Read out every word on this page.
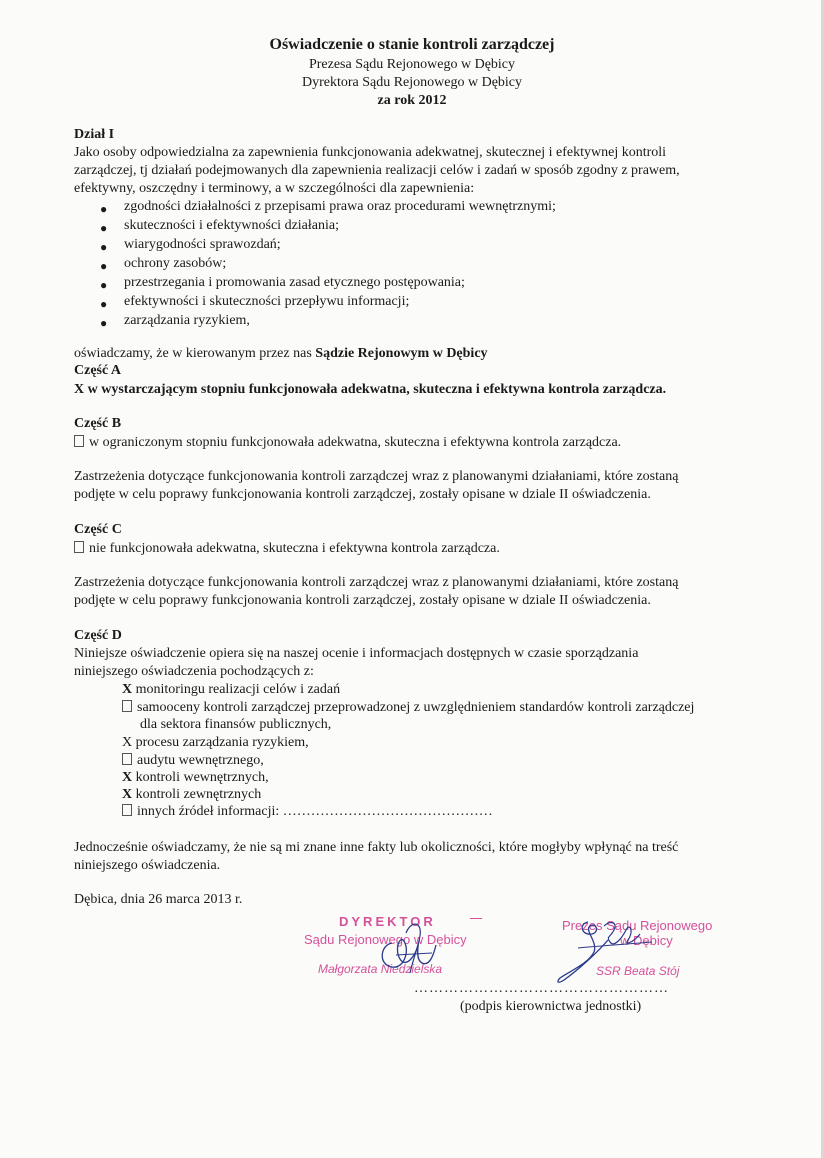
Oświadczenie o stanie kontroli zarządczej
Prezesa Sądu Rejonowego w Dębicy
Dyrektora Sądu Rejonowego w Dębicy
za rok 2012
Dział I
Jako osoby odpowiedzialna za zapewnienia funkcjonowania adekwatnej, skutecznej i efektywnej kontroli
zarządczej, tj działań podejmowanych dla zapewnienia realizacji celów i zadań w sposób zgodny z prawem,
efektywny, oszczędny i terminowy, a w szczególności dla zapewnienia:
● zgodności działalności z przepisami prawa oraz procedurami wewnętrznymi;
● skuteczności i efektywności działania;
● wiarygodności sprawozdań;
● ochrony zasobów;
● przestrzegania i promowania zasad etycznego postępowania;
● efektywności i skuteczności przepływu informacji;
● zarządzania ryzykiem,
oświadczamy, że w kierowanym przez nas Sądzie Rejonowym w Dębicy
Część A
X w wystarczającym stopniu funkcjonowała adekwatna, skuteczna i efektywna kontrola zarządcza.
Część B
w ograniczonym stopniu funkcjonowała adekwatna, skuteczna i efektywna kontrola zarządcza.
Zastrzeżenia dotyczące funkcjonowania kontroli zarządczej wraz z planowanymi działaniami, które zostaną
podjęte w celu poprawy funkcjonowania kontroli zarządczej, zostały opisane w dziale II oświadczenia.
Część C
nie funkcjonowała adekwatna, skuteczna i efektywna kontrola zarządcza.
Zastrzeżenia dotyczące funkcjonowania kontroli zarządczej wraz z planowanymi działaniami, które zostaną
podjęte w celu poprawy funkcjonowania kontroli zarządczej, zostały opisane w dziale II oświadczenia.
Część D
Niniejsze oświadczenie opiera się na naszej ocenie i informacjach dostępnych w czasie sporządzania
niniejszego oświadczenia pochodzących z:
X monitoringu realizacji celów i zadań
samooceny kontroli zarządczej przeprowadzonej z uwzględnieniem standardów kontroli zarządczej
dla sektora finansów publicznych,
X procesu zarządzania ryzykiem,
audytu wewnętrznego,
X kontroli wewnętrznych,
X kontroli zewnętrznych
innych źródeł informacji: ………………………………………
Jednocześnie oświadczamy, że nie są mi znane inne fakty lub okoliczności, które mogłyby wpłynąć na treść
niniejszego oświadczenia.
Dębica, dnia 26 marca 2013 r.
DYREKTOR
Sądu Rejonowego w Dębicy
Małgorzata Niedzielska
Prezes Sądu Rejonowego
w Dębicy
SSR Beata Stój
……………………………………………
(podpis kierownictwa jednostki)
